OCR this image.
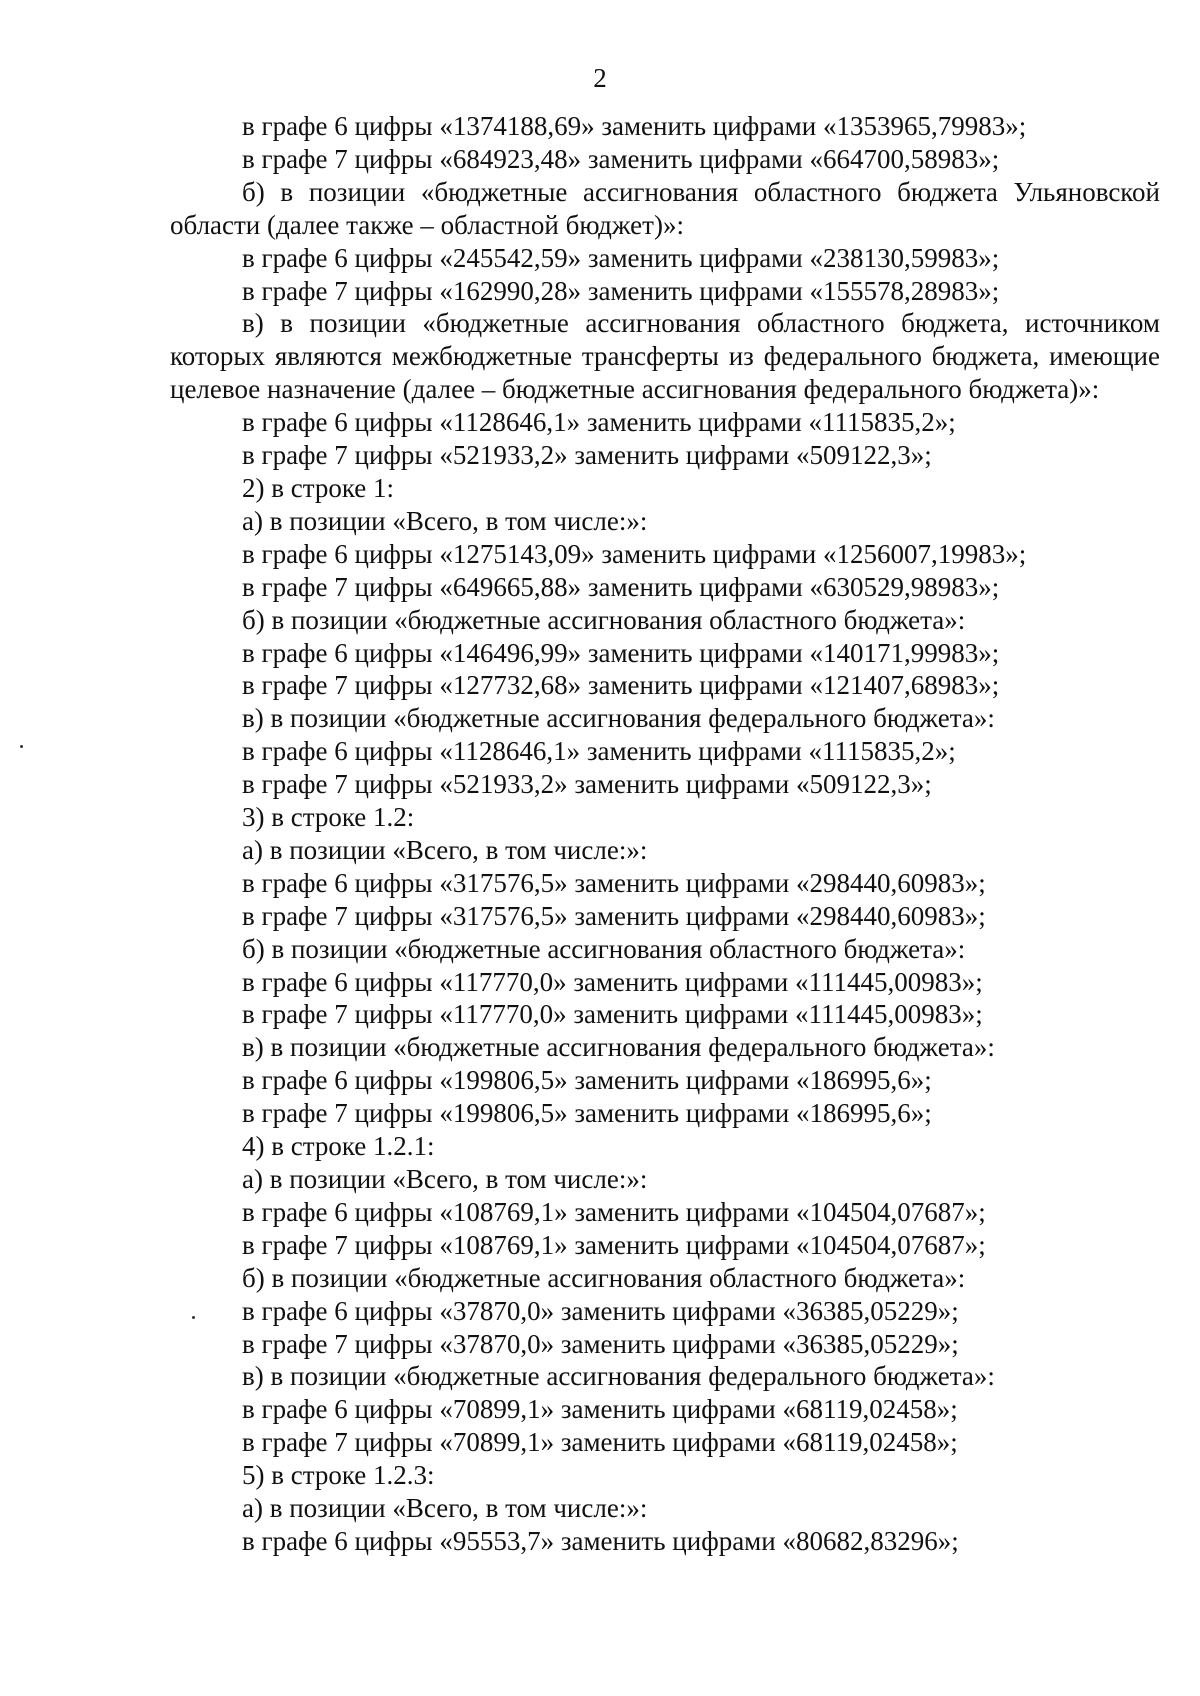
2
в графе 6 цифры «1374188,69» заменить цифрами «1353965,79983»;
в графе 7 цифры «684923,48» заменить цифрами «664700,58983»;
б) в позиции «бюджетные ассигнования областного бюджета Ульяновской области (далее также – областной бюджет)»:
в графе 6 цифры «245542,59» заменить цифрами «238130,59983»;
в графе 7 цифры «162990,28» заменить цифрами «155578,28983»;
в) в позиции «бюджетные ассигнования областного бюджета, источником которых являются межбюджетные трансферты из федерального бюджета, имеющие целевое назначение (далее – бюджетные ассигнования федерального бюджета)»:
в графе 6 цифры «1128646,1» заменить цифрами «1115835,2»;
в графе 7 цифры «521933,2» заменить цифрами «509122,3»;
2) в строке 1:
а) в позиции «Всего, в том числе:»:
в графе 6 цифры «1275143,09» заменить цифрами «1256007,19983»;
в графе 7 цифры «649665,88» заменить цифрами «630529,98983»;
б) в позиции «бюджетные ассигнования областного бюджета»:
в графе 6 цифры «146496,99» заменить цифрами «140171,99983»;
в графе 7 цифры «127732,68» заменить цифрами «121407,68983»;
в) в позиции «бюджетные ассигнования федерального бюджета»:
в графе 6 цифры «1128646,1» заменить цифрами «1115835,2»;
в графе 7 цифры «521933,2» заменить цифрами «509122,3»;
3) в строке 1.2:
а) в позиции «Всего, в том числе:»:
в графе 6 цифры «317576,5» заменить цифрами «298440,60983»;
в графе 7 цифры «317576,5» заменить цифрами «298440,60983»;
б) в позиции «бюджетные ассигнования областного бюджета»:
в графе 6 цифры «117770,0» заменить цифрами «111445,00983»;
в графе 7 цифры «117770,0» заменить цифрами «111445,00983»;
в) в позиции «бюджетные ассигнования федерального бюджета»:
в графе 6 цифры «199806,5» заменить цифрами «186995,6»;
в графе 7 цифры «199806,5» заменить цифрами «186995,6»;
4) в строке 1.2.1:
а) в позиции «Всего, в том числе:»:
в графе 6 цифры «108769,1» заменить цифрами «104504,07687»;
в графе 7 цифры «108769,1» заменить цифрами «104504,07687»;
б) в позиции «бюджетные ассигнования областного бюджета»:
в графе 6 цифры «37870,0» заменить цифрами «36385,05229»;
в графе 7 цифры «37870,0» заменить цифрами «36385,05229»;
в) в позиции «бюджетные ассигнования федерального бюджета»:
в графе 6 цифры «70899,1» заменить цифрами «68119,02458»;
в графе 7 цифры «70899,1» заменить цифрами «68119,02458»;
5) в строке 1.2.3:
а) в позиции «Всего, в том числе:»:
в графе 6 цифры «95553,7» заменить цифрами «80682,83296»;
